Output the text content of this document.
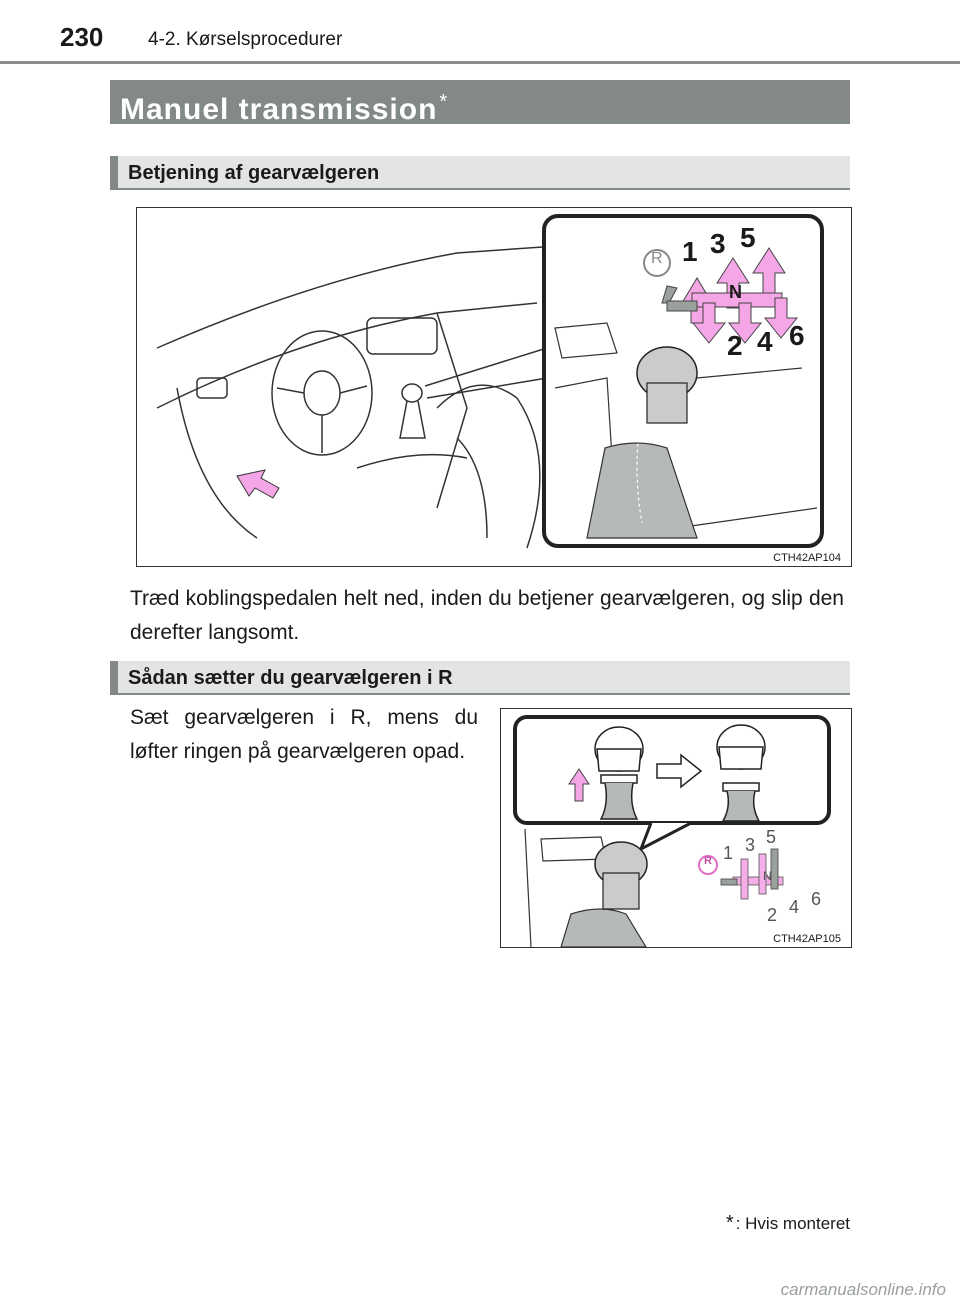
230 4-2. Kørselsprocedurer
Manuel transmission *
Betjening af gearvælgeren
R 1 3 5
N
2 4 6
CTH42AP104
Træd koblingspedalen helt ned, inden du betjener gearvælgeren, og slip den derefter langsomt.
Sådan sætter du gearvælgeren i R
Sæt gearvælgeren i R, mens du løfter ringen på gearvælgeren opad.
R 1 3 5
N
2 4 6
CTH42AP105
* : Hvis monteret
carmanualsonline.info
